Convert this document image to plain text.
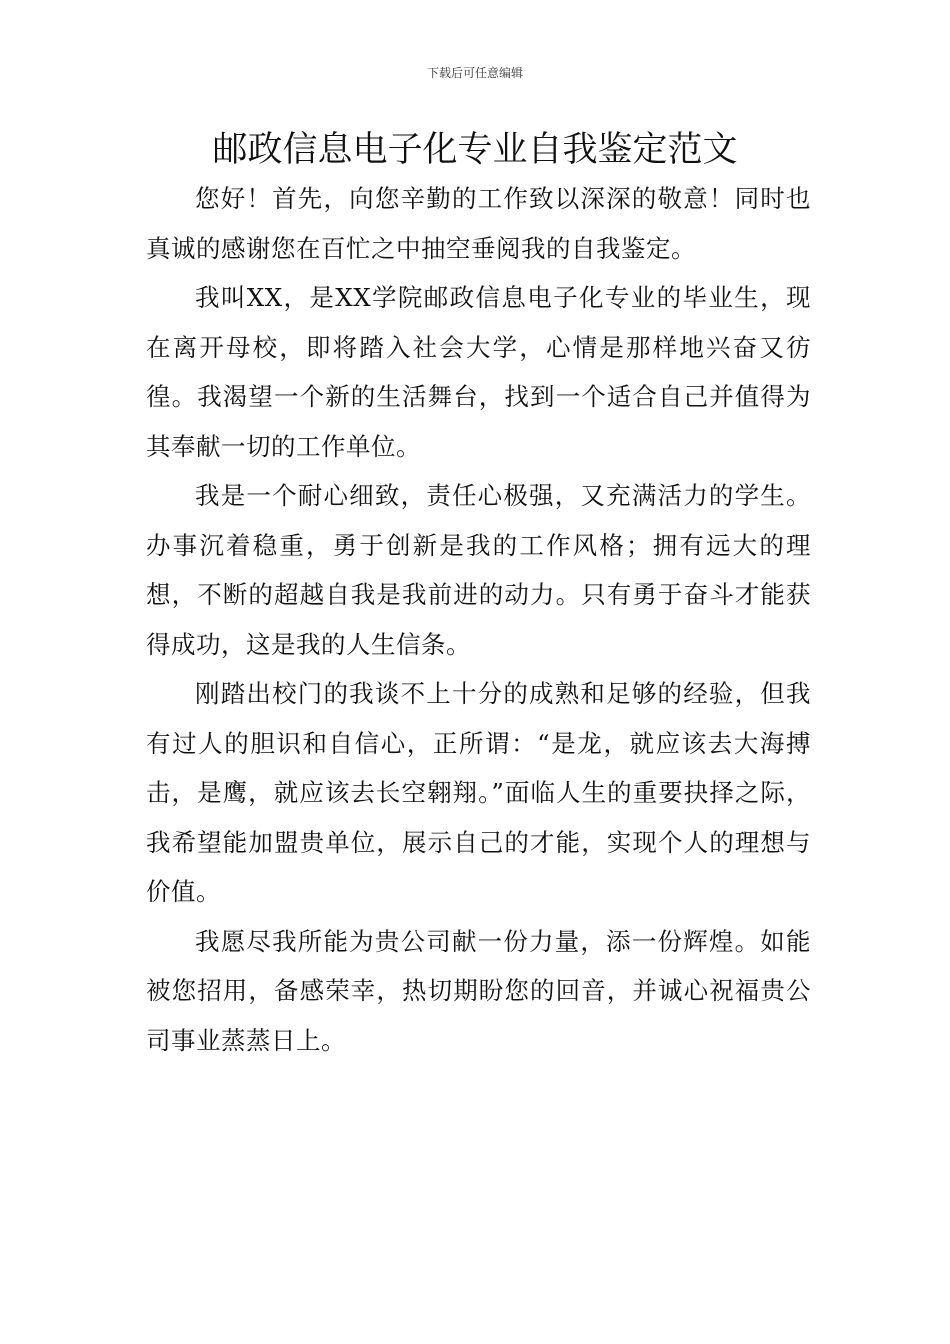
下载后可任意编辑
邮政信息电子化专业自我鉴定范文

您好！首先，向您辛勤的工作致以深深的敬意！同时也真诚的感谢您在百忙之中抽空垂阅我的自我鉴定。

我叫XX，是XX学院邮政信息电子化专业的毕业生，现在离开母校，即将踏入社会大学，心情是那样地兴奋又彷徨。我渴望一个新的生活舞台，找到一个适合自己并值得为其奉献一切的工作单位。

我是一个耐心细致，责任心极强，又充满活力的学生。办事沉着稳重，勇于创新是我的工作风格；拥有远大的理想，不断的超越自我是我前进的动力。只有勇于奋斗才能获得成功，这是我的人生信条。

刚踏出校门的我谈不上十分的成熟和足够的经验，但我有过人的胆识和自信心，正所谓：“是龙，就应该去大海搏击，是鹰，就应该去长空翱翔。”面临人生的重要抉择之际，我希望能加盟贵单位，展示自己的才能，实现个人的理想与价值。

我愿尽我所能为贵公司献一份力量，添一份辉煌。如能被您招用，备感荣幸，热切期盼您的回音，并诚心祝福贵公司事业蒸蒸日上。
